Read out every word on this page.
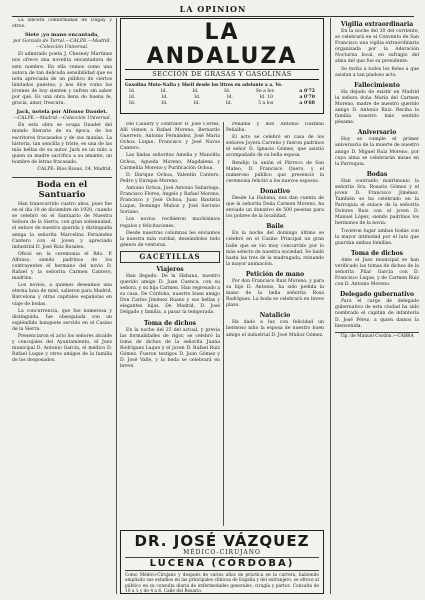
LA OPINION

La sincera conformidad de Dugay y otros.

Siete ¡yo mano encantada,

por Gonzalo de Torral.—CALPE.—Madrid.—Colección Universal.

El admirado poeta J. Chesney Martinez nos ofrece una novelita encantadora de este nombre. En ella vemos como una autora de tan delicada sensibilidad que es nota apreciada de un público de ciertos limitados puestos; y nos dice como los jóvenes de hoy sienten y sufren sin saber por qué. Es una obra llena de buena fe, gracia, amor, frescura.

Jack, notela por Alfonso Daudet.

—CALPE.—Madrid.—Colección Universal.

En esta obra se ocupa Daudet del mundo literario de su época, de los escritores fracasados y de sus manías. La historia, tan sencilla y triste, es una de las más bellas de su autor. Jack es un niño a quien su madre sacrifica a su amante, un hombre de letras fracasado.

CALPE: Ríos Rosas, 24, Madrid.

Boda en el Santuario

Han transcurrido cuatro años, pues fue en el día 10 de diciembre de 1920, cuando se celebró en el Santuario de Nuestra Señora de la Sierra, con gran solemnidad, el enlace de nuestra querida y distinguida amiga la señorita Marcelina Fernández Cantero con el joven y apreciado industrial D. José Ruiz Rosales.

Ofició en la ceremonia el Rdo. P. Alfonso, siendo padrinos de los contrayentes el hermano del novio D. Rafael y la señorita Carmen Cantero, madrina.

Los novios, a quienes deseamos una eterna luna de miel, salieron para Madrid, Barcelona y otras capitales españolas en viaje de bodas.

La concurrencia, que fue numerosa y distinguida, fue obsequiada con un espléndido banquete servido en el Casino de la Sierra.

Presenciaron el acto los señores alcalde y concejales del Ayuntamiento, el Juez municipal D. Antonio García, el médico D. Rafael Luque y otros amigos de la familia de los desposados.

LA ANDALUZA
SECCIÓN DE GRASAS Y GASOLINAS
Gasolina Moto-Nafta y Shell desde los litros en adelante a a. Ve.
Id.	Id.	Id.	Id.	Se a los	a 0'72
Id.	Id.	Id.	Id.	Id. 10	a 0'70
Id.	Id.	Id.	Id.	5 a los	a 0'68

Del Calaliry y contralor D. José Cortés. Allí vienen a Rafael Moreno, Bernardo Guerrero, Antonio Fernández, José María Ochoa Luque, Francisco y José Navas Cantero.

Las lindas señoritas Amelia y Manolita Ochoa, Agueda Moreno, Magdalena y Carmelita Moreno y Purificación Ochoa.

D. Enrique Ochoa, Valentín Cantero, Pedro y Enrique Moreno.

Antonio Ochoa, José Antonio Sabariego, Francisco Flores, Angelo y Rafael Moreno, Francisco y José Ochoa, Juan Bautista Luque, Domingo Muñoz y José Serrano Soriano.

Los novios recibieron muchísimos regalos y felicitaciones.

Desde nuestras columnas les enviamos la nuestra más cordial, deseándoles todo género de venturas.

GACETILLAS
Viajeros

Han llegado: De la Habana, nuestro querido amigo D. Juan Cuenca, con su señora, y su hija Carmen. Han regresado a su casa. De Córdoba, nuestro buen amigo Don Carlos Jiménez Ruano y sus bellas y elegantes hijas. De Madrid, D. José Delgado y familia, a pasar la temporada.

Toma de dichos

En la noche del 25 del actual, y previa las formalidades de rigor, se celebró la toma de dichos de la señorita Juana Rodríguez Luque y el joven D. Rafael Ruiz Gómez. Fueron testigos D. Juan Gómez y D. José Valle, y la boda se celebrará en breve.

Peñalba y don Antonio Guzmán Peñalba.

El acto se celebró en casa de los señores Joyera Carreño y fueron padrinos el señor D. Ignacio Gómez, que asistió acompañado de su bella esposa.

Bendijo la unión el Párroco de San Mateo, D. Francisco Quero, y el numeroso público que presenció la ceremonia felicitó a los nuevos esposos.

Donativo

Desde La Habana, nos dan cuenta de que la señorita Doña Carmen Moreno, ha enviado un donativo de 500 pesetas para los pobres de la localidad.

Baile

En la noche del domingo último se celebró en el Casino Principal un gran baile que se vio muy concurrido por lo más selecto de nuestra sociedad. Se bailó hasta las tres de la madrugada, reinando la mayor animación.

Petición de mano

Por don Francisco Ruiz Moreno, y para su hijo D. Antonio, ha sido pedida la mano de la bella señorita Rosa Rodríguez. La boda se celebrará en breve plazo.

Natalicio

Ha dado a luz con felicidad un hermoso niño la esposa de nuestro buen amigo el industrial D. José Muñoz Gómez.

DR. JOSÉ VÁZQUEZ
MÉDICO-CIRUJANO
LUCENA (CÓRDOBA)
Como Médico-Cirujano y después de varios años de práctica en la carrera, habiendo ampliado sus estudios en las principales clínicas de España y del extranjero, se ofrece al público en su consulta diaria de enfermedades generales, cirugía y partos. Consulta de 10 a 1 y de 4 a 6. Calle del Rosario.
Vigilia extraordinaria

En la noche del 30 del corriente, se celebrará en el Convento de San Francisco una vigilia extraordinaria organizada por la Adoración Nocturna local, en sufragio del alma del que fue su presidente.

Se invita a todos los fieles a que asistan a tan piadoso acto.

Fallecimiento

Ha dejado de existir en Madrid la señora doña María del Carmen Moreno, madre de nuestro querido amigo D. Antonio Ruiz. Reciba la familia nuestro más sentido pésame.

Aniversario

Hoy se cumple el primer aniversario de la muerte de nuestro amigo D. Miguel Ruiz Moreno, por cuya alma se celebrarán misas en la Parroquia.

Bodas

Han contraído matrimonio la señorita Sra. Rosario Gómez y el joven D. Francisco Jiménez. También se ha celebrado en la Parroquia el enlace de la señorita Dolores Ruiz con el joven D. Manuel López, siendo padrinos los hermanos de la novia.

Tuvieron lugar ambas bodas con la mayor intimidad por el luto que guardan ambas familias.

Toma de dichos

Ante el Juez municipal se han verificado las tomas de dichos de la señorita Pilar García con D. Francisco Luque, y de Carmen Ruiz con D. Antonio Moreno.

Delegado gubernativo

Para el cargo de delegado gubernativo de esta ciudad ha sido nombrado el capitán de infantería D. José Pérez, a quien damos la bienvenida.

Tip. de Manuel Cordón.—CABRA
